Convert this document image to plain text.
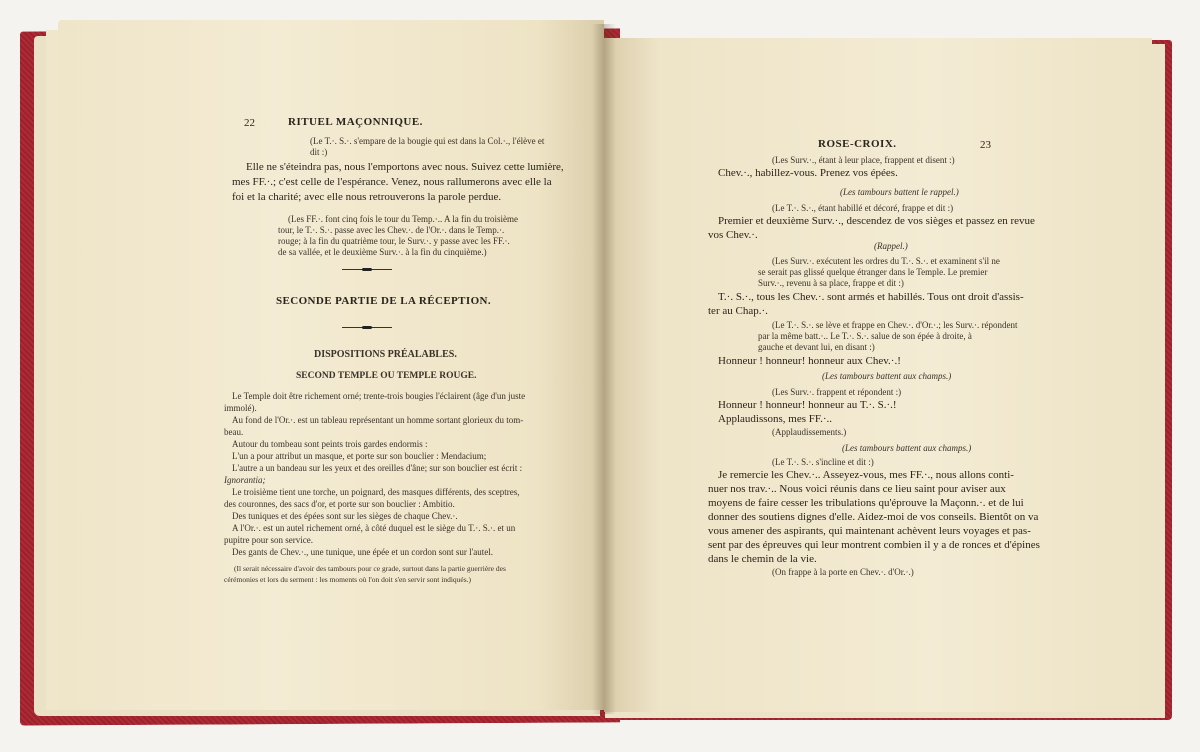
22	RITUEL MAÇONNIQUE.
(Le T.·. S.·. s'empare de la bougie qui est dans la Col.·., l'élève et
dit :)
Elle ne s'éteindra pas, nous l'emportons avec nous. Suivez cette lumière,
mes FF.·.; c'est celle de l'espérance. Venez, nous rallumerons avec elle la
foi et la charité; avec elle nous retrouverons la parole perdue.
(Les FF.·. font cinq fois le tour du Temp.·.. A la fin du troisième
tour, le T.·. S.·. passe avec les Chev.·. de l'Or.·. dans le Temp.·.
rouge; à la fin du quatrième tour, le Surv.·. y passe avec les FF.·.
de sa vallée, et le deuxième Surv.·. à la fin du cinquième.)
SECONDE PARTIE DE LA RÉCEPTION.
DISPOSITIONS PRÉALABLES.
SECOND TEMPLE OU TEMPLE ROUGE.
Le Temple doit être richement orné; trente-trois bougies l'éclairent (âge d'un juste
immolé).
Au fond de l'Or.·. est un tableau représentant un homme sortant glorieux du tom-
beau.
Autour du tombeau sont peints trois gardes endormis :
L'un a pour attribut un masque, et porte sur son bouclier : Mendacium;
L'autre a un bandeau sur les yeux et des oreilles d'âne; sur son bouclier est écrit :
Ignorantia;
Le troisième tient une torche, un poignard, des masques différents, des sceptres,
des couronnes, des sacs d'or, et porte sur son bouclier : Ambitio.
Des tuniques et des épées sont sur les sièges de chaque Chev.·.
A l'Or.·. est un autel richement orné, à côté duquel est le siège du T.·. S.·. et un
pupitre pour son service.
Des gants de Chev.·., une tunique, une épée et un cordon sont sur l'autel.
(Il serait nécessaire d'avoir des tambours pour ce grade, surtout dans la partie guerrière des
cérémonies et lors du serment : les moments où l'on doit s'en servir sont indiqués.)
ROSE-CROIX.	23
(Les Surv.·., étant à leur place, frappent et disent :)
Chev.·., habillez-vous. Prenez vos épées.
(Les tambours battent le rappel.)
(Le T.·. S.·., étant habillé et décoré, frappe et dit :)
Premier et deuxième Surv.·., descendez de vos sièges et passez en revue
vos Chev.·.
(Rappel.)
(Les Surv.·. exécutent les ordres du T.·. S.·. et examinent s'il ne
se serait pas glissé quelque étranger dans le Temple. Le premier
Surv.·., revenu à sa place, frappe et dit :)
T.·. S.·., tous les Chev.·. sont armés et habillés. Tous ont droit d'assis-
ter au Chap.·.
(Le T.·. S.·. se lève et frappe en Chev.·. d'Or.·.; les Surv.·. répondent
par la même batt.·.. Le T.·. S.·. salue de son épée à droite, à
gauche et devant lui, en disant :)
Honneur ! honneur! honneur aux Chev.·.!
(Les tambours battent aux champs.)
(Les Surv.·. frappent et répondent :)
Honneur ! honneur! honneur au T.·. S.·.!
Applaudissons, mes FF.·..
(Applaudissements.)
(Les tambours battent aux champs.)
(Le T.·. S.·. s'incline et dit :)
Je remercie les Chev.·.. Asseyez-vous, mes FF.·., nous allons conti-
nuer nos trav.·.. Nous voici réunis dans ce lieu saint pour aviser aux
moyens de faire cesser les tribulations qu'éprouve la Maçonn.·. et de lui
donner des soutiens dignes d'elle. Aidez-moi de vos conseils. Bientôt on va
vous amener des aspirants, qui maintenant achèvent leurs voyages et pas-
sent par des épreuves qui leur montrent combien il y a de ronces et d'épines
dans le chemin de la vie.
(On frappe à la porte en Chev.·. d'Or.·.)
